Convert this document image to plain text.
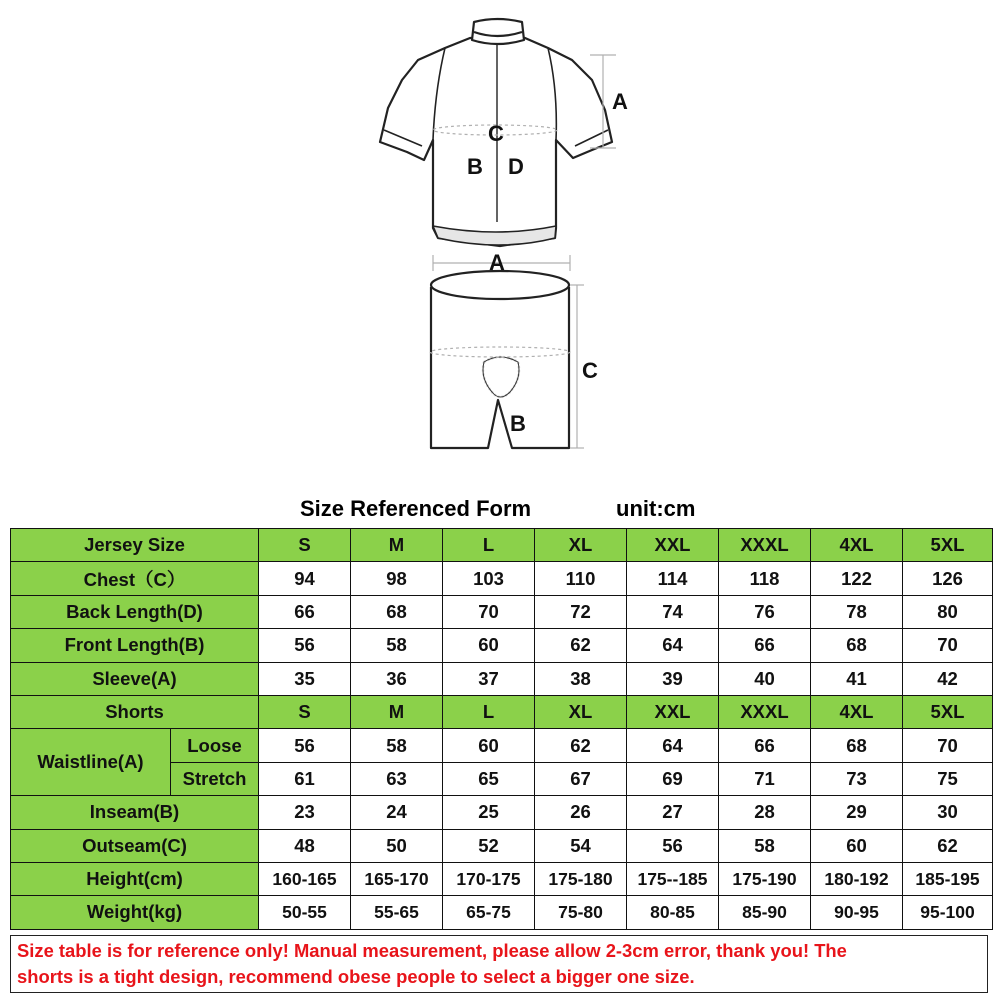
A
C
B D
A
C
B
Size Referenced Form	unit:cm
Jersey Size		S	M	L	XL	XXL	XXXL	4XL	5XL
Chest（C）		94	98	103	110	114	118	122	126
Back Length(D)		66	68	70	72	74	76	78	80
Front Length(B)		56	58	60	62	64	66	68	70
Sleeve(A)		35	36	37	38	39	40	41	42
Shorts		S	M	L	XL	XXL	XXXL	4XL	5XL
Waistline(A)	Loose	56	58	60	62	64	66	68	70
	Stretch	61	63	65	67	69	71	73	75
Inseam(B)		23	24	25	26	27	28	29	30
Outseam(C)		48	50	52	54	56	58	60	62
Height(cm)		160-165	165-170	170-175	175-180	175--185	175-190	180-192	185-195
Weight(kg)		50-55	55-65	65-75	75-80	80-85	85-90	90-95	95-100
Size table is for reference only! Manual measurement, please allow 2-3cm error, thank you! The
shorts is a tight design, recommend obese people to select a bigger one size.
